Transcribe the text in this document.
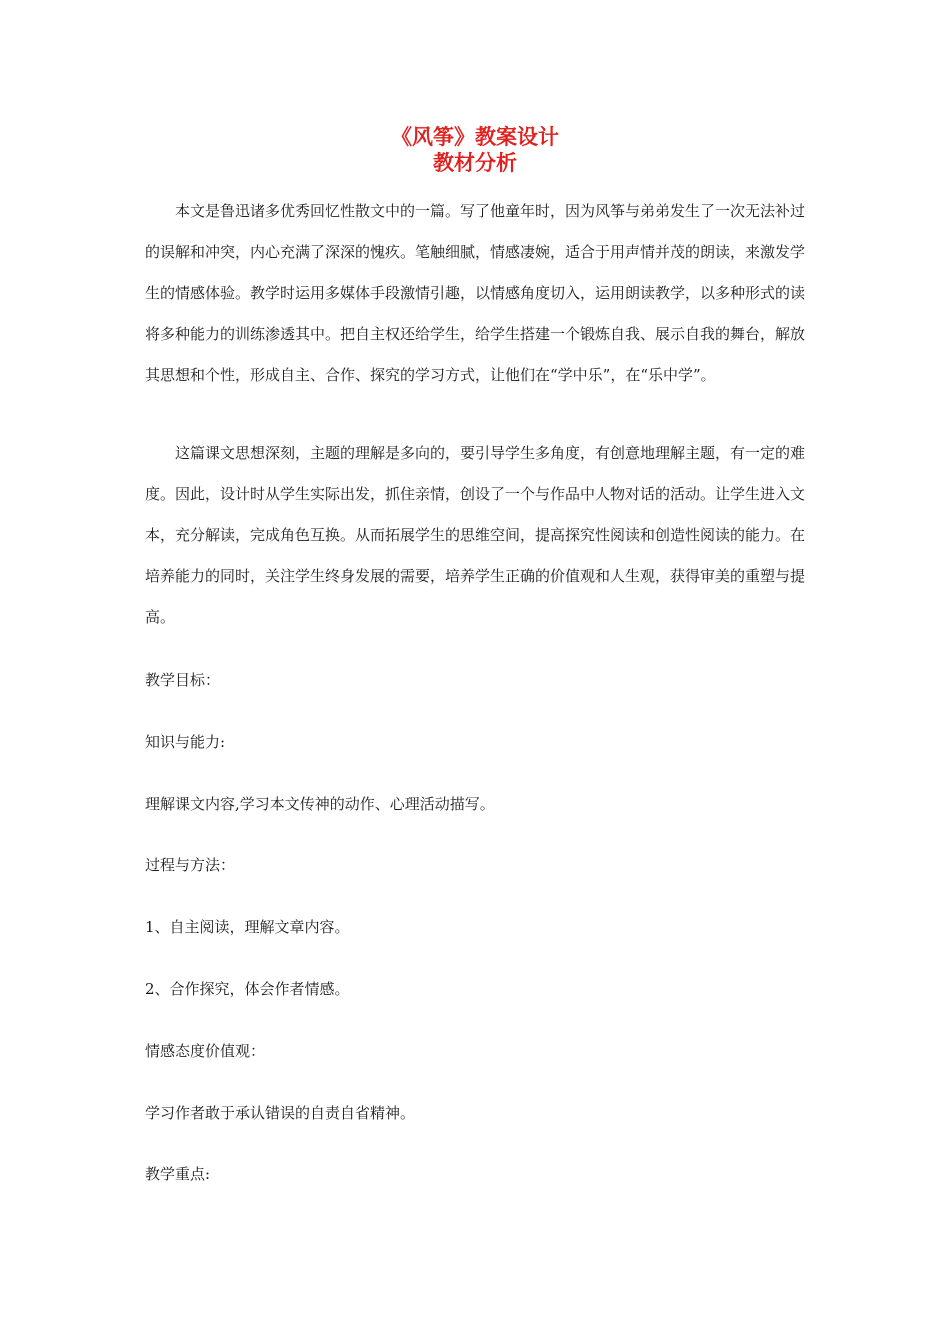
《风筝》教案设计
教材分析

本文是鲁迅诸多优秀回忆性散文中的一篇。写了他童年时，因为风筝与弟弟发生了一次无法补过的误解和冲突，内心充满了深深的愧疚。笔触细腻，情感凄婉，适合于用声情并茂的朗读，来激发学生的情感体验。教学时运用多媒体手段激情引趣，以情感角度切入，运用朗读教学，以多种形式的读将多种能力的训练渗透其中。把自主权还给学生，给学生搭建一个锻炼自我、展示自我的舞台，解放其思想和个性，形成自主、合作、探究的学习方式，让他们在“学中乐”，在“乐中学”。

这篇课文思想深刻，主题的理解是多向的，要引导学生多角度，有创意地理解主题，有一定的难度。因此，设计时从学生实际出发，抓住亲情，创设了一个与作品中人物对话的活动。让学生进入文本，充分解读，完成角色互换。从而拓展学生的思维空间，提高探究性阅读和创造性阅读的能力。在培养能力的同时，关注学生终身发展的需要，培养学生正确的价值观和人生观，获得审美的重塑与提高。

教学目标：
知识与能力:
理解课文内容,学习本文传神的动作、心理活动描写。
过程与方法：
1、自主阅读，理解文章内容。
2、合作探究，体会作者情感。
情感态度价值观：
学习作者敢于承认错误的自责自省精神。
教学重点:
